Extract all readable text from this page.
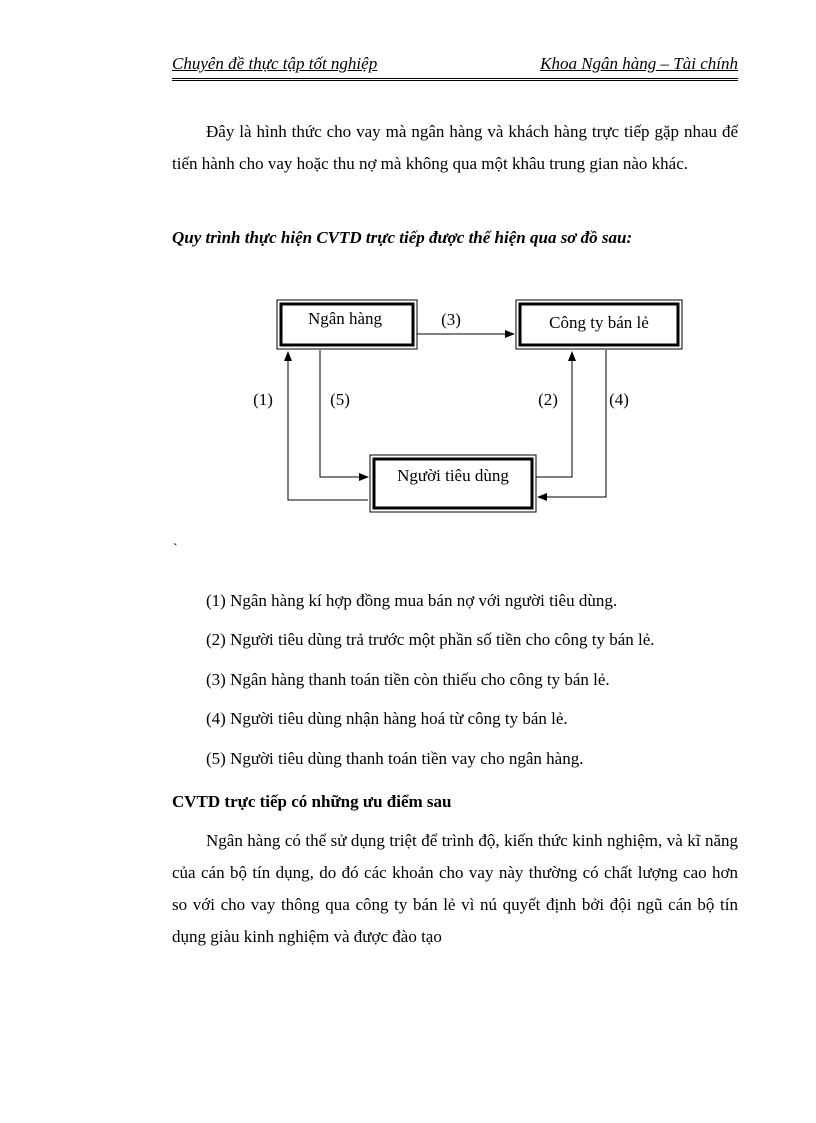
Chuyên đề thực tập tốt nghiệp	Khoa Ngân hàng – Tài chính

Đây là hình thức cho vay mà ngân hàng và khách hàng trực tiếp gặp nhau để tiến hành cho vay hoặc thu nợ mà không qua một khâu trung gian nào khác.

Quy trình thực hiện CVTD trực tiếp được thể hiện qua sơ đồ sau:

Ngân hàng	Công ty bán lẻ
Người tiêu dùng
(3)
(1)	(5)	(2)	(4)
`

(1) Ngân hàng kí hợp đồng mua bán nợ với người tiêu dùng.

(2) Người tiêu dùng trả trước một phần số tiền cho công ty bán lẻ.

(3) Ngân hàng thanh toán tiền còn thiếu cho công ty bán lẻ.

(4) Người tiêu dùng nhận hàng hoá từ công ty bán lẻ.

(5) Người tiêu dùng thanh toán tiền vay cho ngân hàng.

CVTD trực tiếp có những ưu điểm sau

Ngân hàng có thể sử dụng triệt để trình độ, kiến thức kinh nghiệm, và kĩ năng của cán bộ tín dụng, do đó các khoản cho vay này thường có chất lượng cao hơn so với cho vay thông qua công ty bán lẻ vì nú quyết định bởi đội ngũ cán bộ tín dụng giàu kinh nghiệm và được đào tạo
